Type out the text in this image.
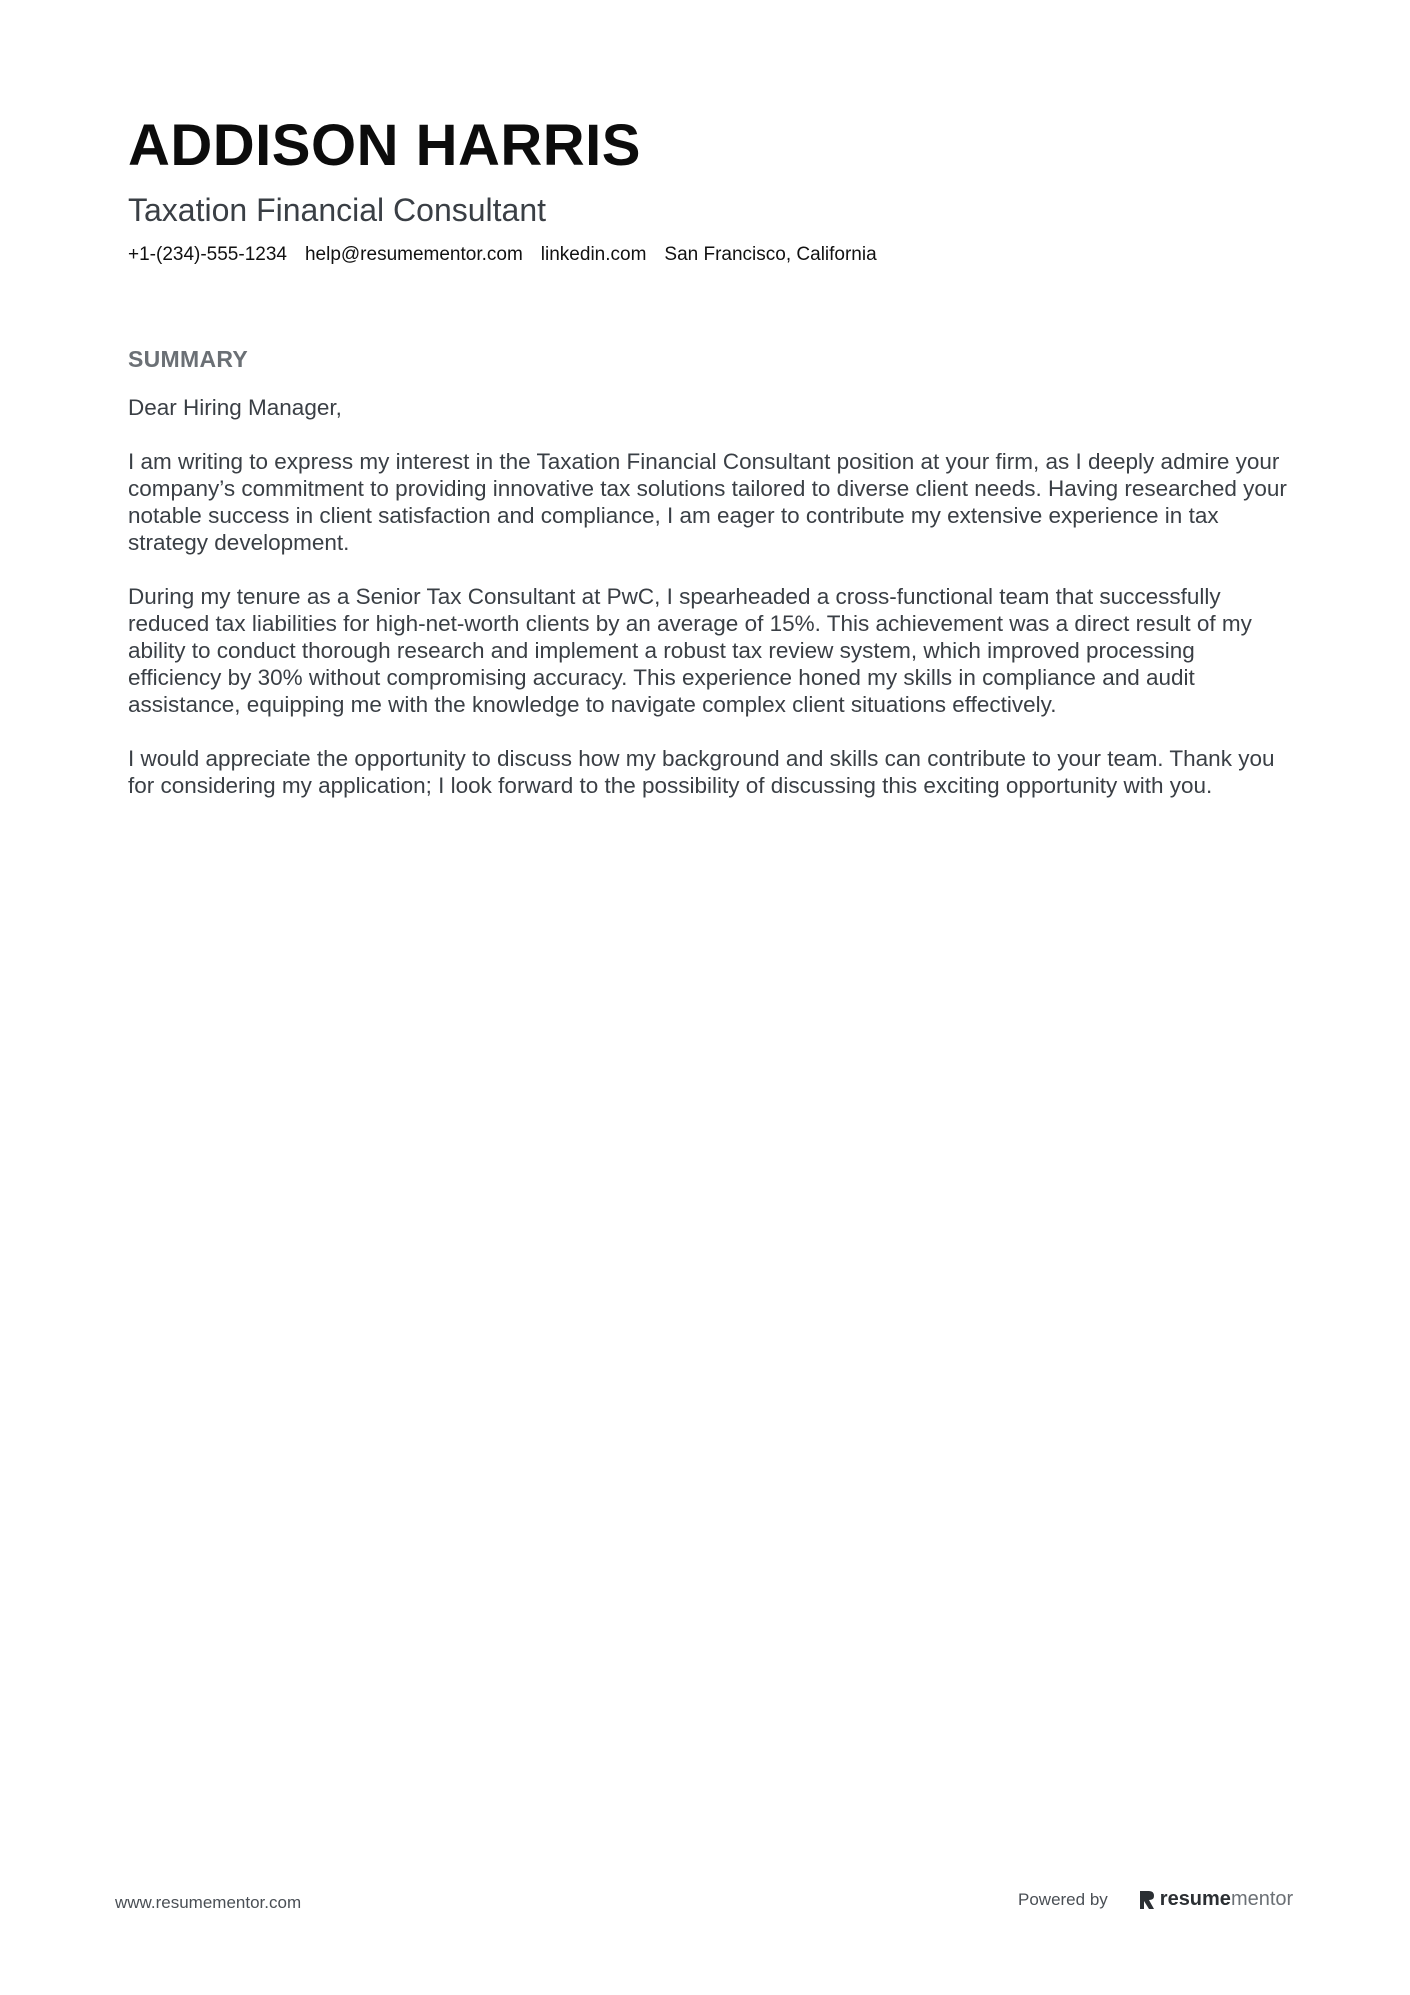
ADDISON HARRIS
Taxation Financial Consultant
+1-(234)-555-1234 help@resumementor.com linkedin.com San Francisco, California
SUMMARY

Dear Hiring Manager,

I am writing to express my interest in the Taxation Financial Consultant position at your firm, as I deeply admire your company’s commitment to providing innovative tax solutions tailored to diverse client needs. Having researched your notable success in client satisfaction and compliance, I am eager to contribute my extensive experience in tax strategy development.

During my tenure as a Senior Tax Consultant at PwC, I spearheaded a cross-functional team that successfully reduced tax liabilities for high-net-worth clients by an average of 15%. This achievement was a direct result of my ability to conduct thorough research and implement a robust tax review system, which improved processing efficiency by 30% without compromising accuracy. This experience honed my skills in compliance and audit assistance, equipping me with the knowledge to navigate complex client situations effectively.

I would appreciate the opportunity to discuss how my background and skills can contribute to your team. Thank you for considering my application; I look forward to the possibility of discussing this exciting opportunity with you.

www.resumementor.com	Powered by	resumementor
